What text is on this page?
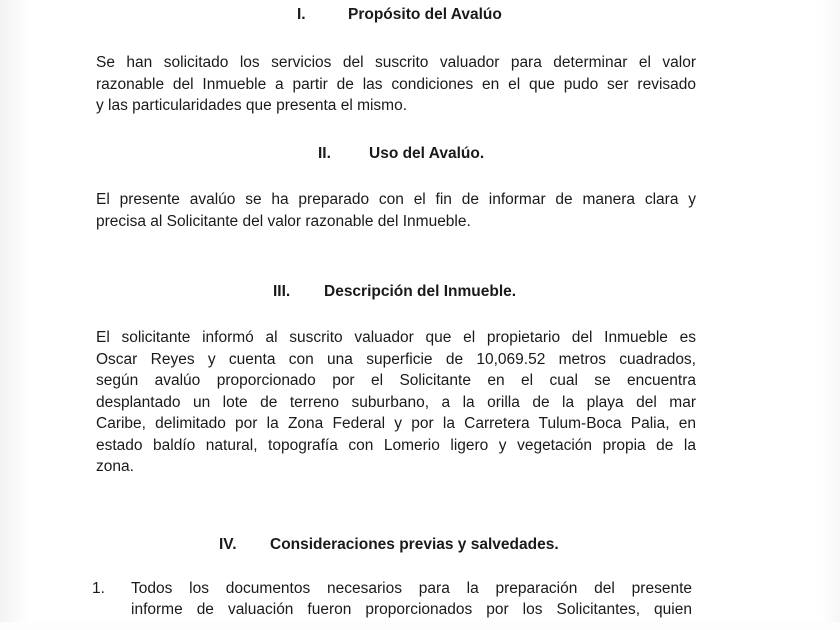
I.	Propósito del Avalúo
Se han solicitado los servicios del suscrito valuador para determinar el valor
razonable del Inmueble a partir de las condiciones en el que pudo ser revisado
y las particularidades que presenta el mismo.
II. Uso del Avalúo.
El presente avalúo se ha preparado con el fin de informar de manera clara y
precisa al Solicitante del valor razonable del Inmueble.
III. Descripción del Inmueble.
El solicitante informó al suscrito valuador que el propietario del Inmueble es
Oscar Reyes y cuenta con una superficie de 10,069.52 metros cuadrados,
según avalúo proporcionado por el Solicitante en el cual se encuentra
desplantado un lote de terreno suburbano, a la orilla de la playa del mar
Caribe, delimitado por la Zona Federal y por la Carretera Tulum-Boca Palia, en
estado baldío natural, topografía con Lomerio ligero y vegetación propia de la
zona.
IV. Consideraciones previas y salvedades.
1. Todos los documentos necesarios para la preparación del presente
informe de valuación fueron proporcionados por los Solicitantes, quien
